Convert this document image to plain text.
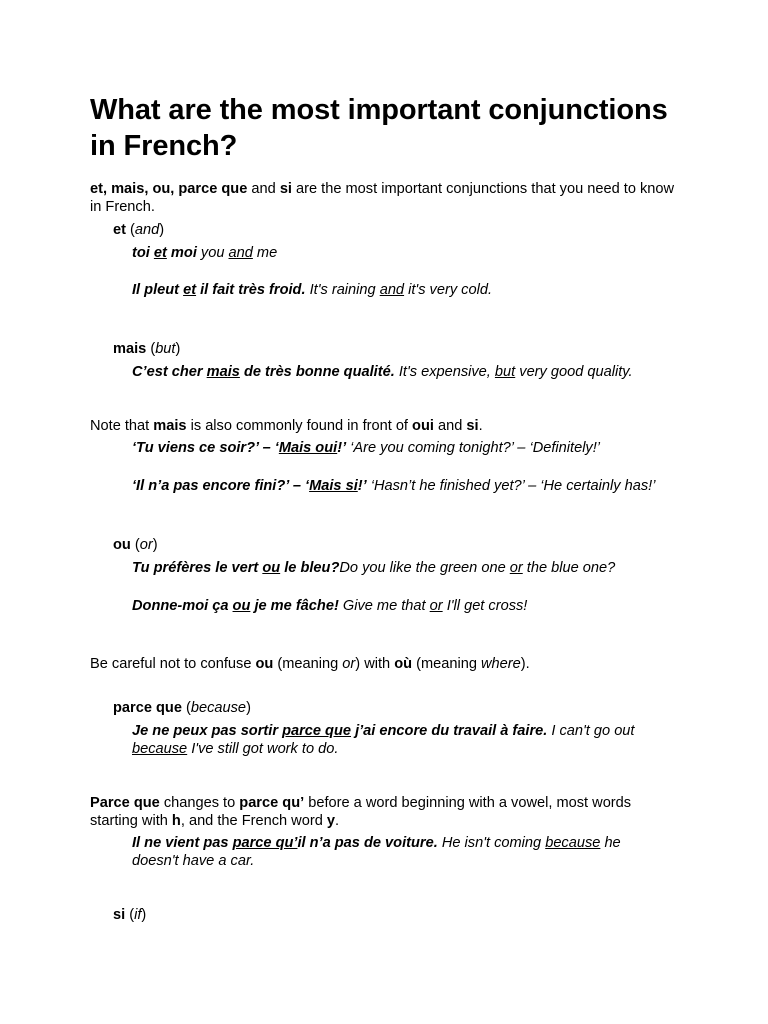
What are the most important conjunctions in French?
et, mais, ou, parce que and si are the most important conjunctions that you need to know in French.
et (and)
toi et moi you and me
Il pleut et il fait très froid. It's raining and it's very cold.
mais (but)
C’est cher mais de très bonne qualité. It's expensive, but very good quality.
Note that mais is also commonly found in front of oui and si.
‘Tu viens ce soir?’ – ‘Mais oui!’ ‘Are you coming tonight?’ – ‘Definitely!’
‘Il n’a pas encore fini?’ – ‘Mais si!’ ‘Hasn’t he finished yet?’ – ‘He certainly has!’
ou (or)
Tu préfères le vert ou le bleu?Do you like the green one or the blue one?
Donne-moi ça ou je me fâche! Give me that or I'll get cross!
Be careful not to confuse ou (meaning or) with où (meaning where).
parce que (because)
Je ne peux pas sortir parce que j’ai encore du travail à faire. I can't go out because I've still got work to do.
Parce que changes to parce qu’ before a word beginning with a vowel, most words starting with h, and the French word y.
Il ne vient pas parce qu’il n’a pas de voiture. He isn't coming because he doesn't have a car.
si (if)
